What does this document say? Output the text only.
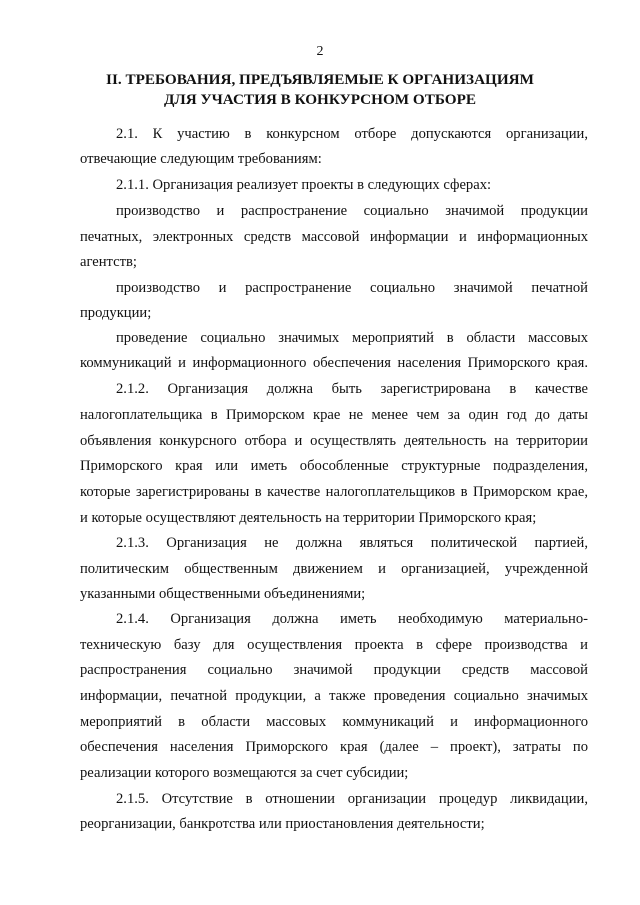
2
II. ТРЕБОВАНИЯ, ПРЕДЪЯВЛЯЕМЫЕ К ОРГАНИЗАЦИЯМ
ДЛЯ УЧАСТИЯ В КОНКУРСНОМ ОТБОРЕ
2.1. К участию в конкурсном отборе допускаются организации,
отвечающие следующим требованиям:
2.1.1. Организация реализует проекты в следующих сферах:
производство и распространение социально значимой продукции
печатных, электронных средств массовой информации и информационных
агентств;
производство и распространение социально значимой печатной
продукции;
проведение социально значимых мероприятий в области массовых
коммуникаций и информационного обеспечения населения Приморского края.
2.1.2. Организация должна быть зарегистрирована в качестве
налогоплательщика в Приморском крае не менее чем за один год до даты
объявления конкурсного отбора и осуществлять деятельность на территории
Приморского края или иметь обособленные структурные подразделения,
которые зарегистрированы в качестве налогоплательщиков в Приморском крае,
и которые осуществляют деятельность на территории Приморского края;
2.1.3. Организация не должна являться политической партией,
политическим общественным движением и организацией, учрежденной
указанными общественными объединениями;
2.1.4. Организация должна иметь необходимую материально-
техническую базу для осуществления проекта в сфере производства и
распространения социально значимой продукции средств массовой
информации, печатной продукции, а также проведения социально значимых
мероприятий в области массовых коммуникаций и информационного
обеспечения населения Приморского края (далее – проект), затраты по
реализации которого возмещаются за счет субсидии;
2.1.5. Отсутствие в отношении организации процедур ликвидации,
реорганизации, банкротства или приостановления деятельности;
